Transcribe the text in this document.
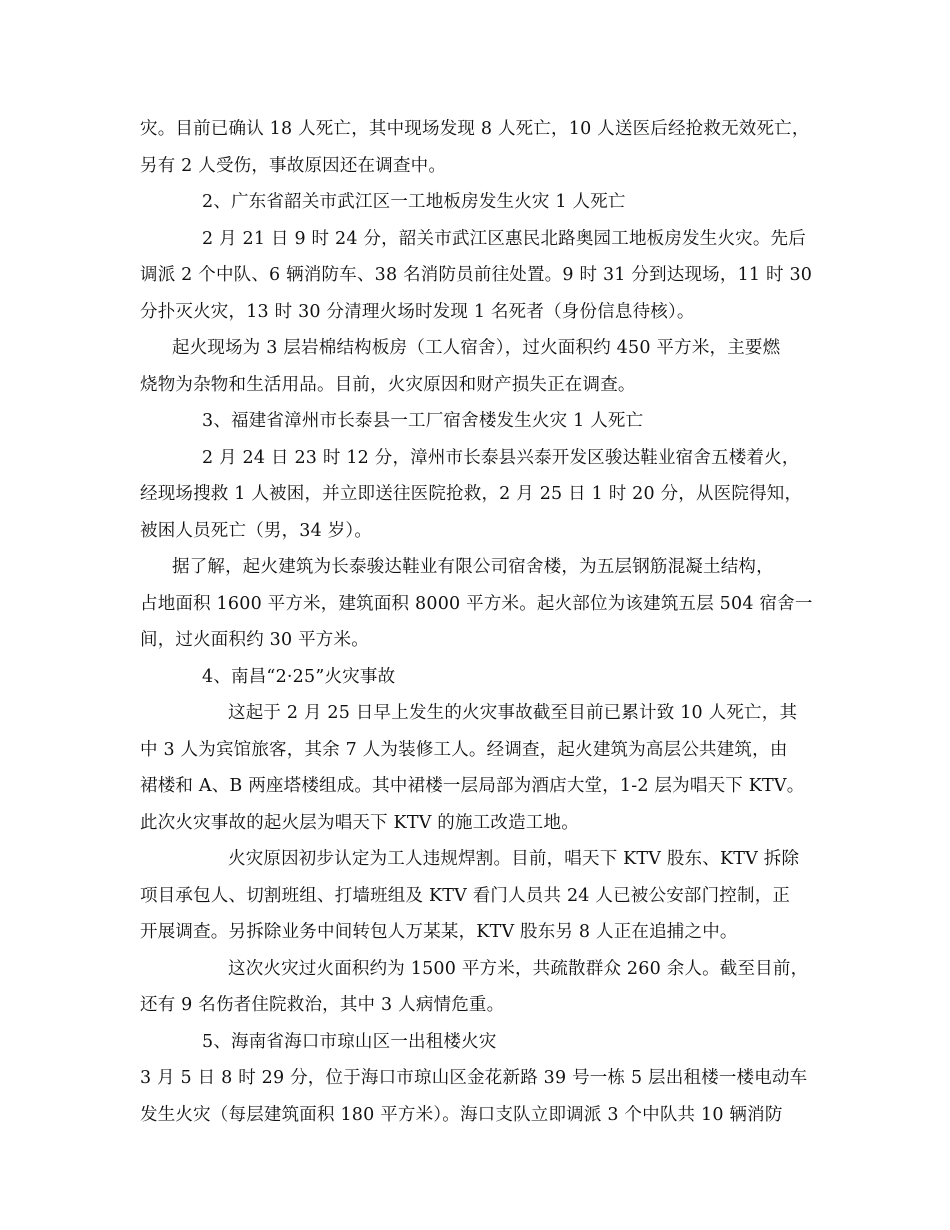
灾。目前已确认 18 人死亡，其中现场发现 8 人死亡，10 人送医后经抢救无效死亡，
另有 2 人受伤，事故原因还在调查中。
2、广东省韶关市武江区一工地板房发生火灾 1 人死亡
2 月 21 日 9 时 24 分，韶关市武江区惠民北路奥园工地板房发生火灾。先后
调派 2 个中队、6 辆消防车、38 名消防员前往处置。9 时 31 分到达现场，11 时 30
分扑灭火灾，13 时 30 分清理火场时发现 1 名死者（身份信息待核）。
起火现场为 3 层岩棉结构板房（工人宿舍），过火面积约 450 平方米，主要燃
烧物为杂物和生活用品。目前，火灾原因和财产损失正在调查。
3、福建省漳州市长泰县一工厂宿舍楼发生火灾 1 人死亡
2 月 24 日 23 时 12 分，漳州市长泰县兴泰开发区骏达鞋业宿舍五楼着火，
经现场搜救 1 人被困，并立即送往医院抢救，2 月 25 日 1 时 20 分，从医院得知，
被困人员死亡（男，34 岁）。
据了解，起火建筑为长泰骏达鞋业有限公司宿舍楼，为五层钢筋混凝土结构，
占地面积 1600 平方米，建筑面积 8000 平方米。起火部位为该建筑五层 504 宿舍一
间，过火面积约 30 平方米。
4、南昌“2·25”火灾事故
这起于 2 月 25 日早上发生的火灾事故截至目前已累计致 10 人死亡，其
中 3 人为宾馆旅客，其余 7 人为装修工人。经调查，起火建筑为高层公共建筑，由
裙楼和 A、B 两座塔楼组成。其中裙楼一层局部为酒店大堂，1-2 层为唱天下 KTV。
此次火灾事故的起火层为唱天下 KTV 的施工改造工地。
火灾原因初步认定为工人违规焊割。目前，唱天下 KTV 股东、KTV 拆除
项目承包人、切割班组、打墙班组及 KTV 看门人员共 24 人已被公安部门控制，正
开展调查。另拆除业务中间转包人万某某，KTV 股东另 8 人正在追捕之中。
这次火灾过火面积约为 1500 平方米，共疏散群众 260 余人。截至目前，
还有 9 名伤者住院救治，其中 3 人病情危重。
5、海南省海口市琼山区一出租楼火灾
3 月 5 日 8 时 29 分，位于海口市琼山区金花新路 39 号一栋 5 层出租楼一楼电动车
发生火灾（每层建筑面积 180 平方米）。海口支队立即调派 3 个中队共 10 辆消防
